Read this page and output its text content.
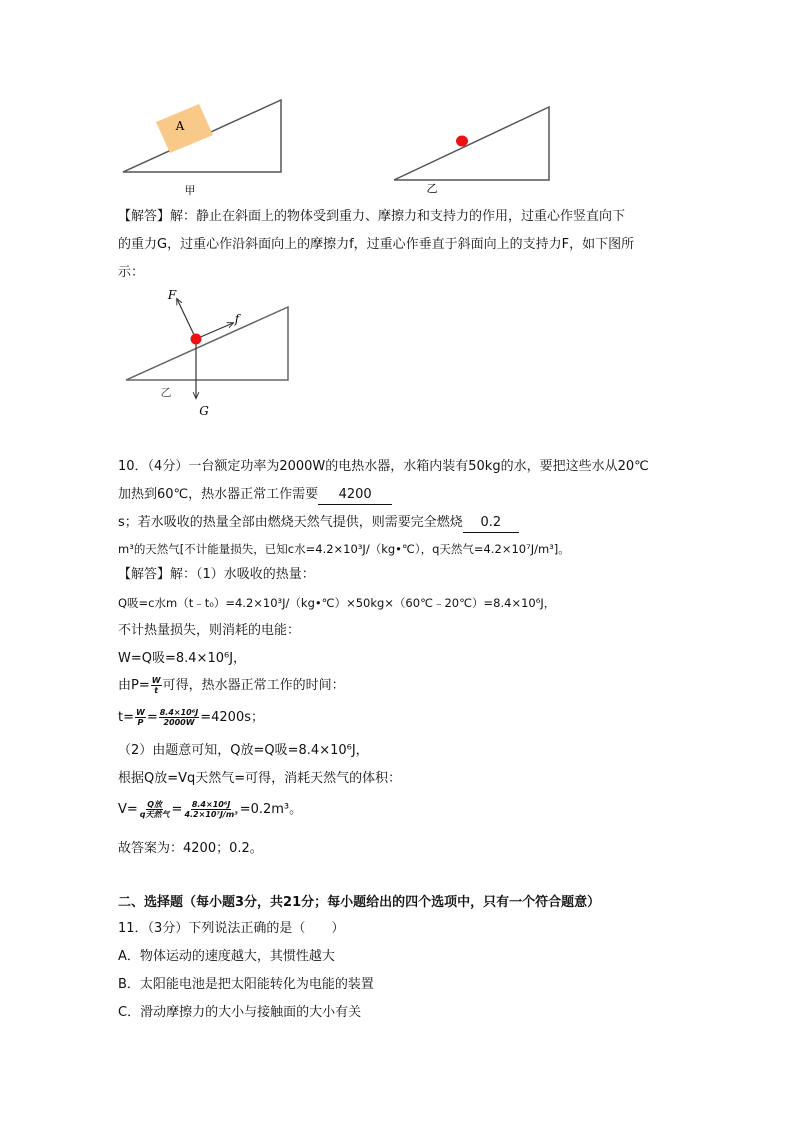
A
甲	乙
【解答】解：静止在斜面上的物体受到重力、摩擦力和支持力的作用，过重心作竖直向下
的重力G，过重心作沿斜面向上的摩擦力f，过重心作垂直于斜面向上的支持力F，如下图所
示：
F
f
G
乙
10．（4分）一台额定功率为2000W的电热水器，水箱内装有50kg的水，要把这些水从20℃
加热到60℃，热水器正常工作需要 4200
s；若水吸收的热量全部由燃烧天然气提供，则需要完全燃烧 0.2
m³的天然气[不计能量损失，已知c水=4.2×10³J/（kg•℃），q天然气=4.2×10⁷J/m³]。
【解答】解：（1）水吸收的热量：
Q吸=c水m（t﹣t₀）=4.2×10³J/（kg•℃）×50kg×（60℃﹣20℃）=8.4×10⁶J，
不计热量损失，则消耗的电能：
W=Q吸=8.4×10⁶J，
由$P= \frac{W}{t}$ 可得，热水器正常工作的时间：
$t= \frac{W}{P} = \frac{\text{8.4×10⁶J}}{2000W} =4200s$；
（2）由题意可知，Q放=Q吸=8.4×10⁶J，
根据Q放=Vq天然气=可得，消耗天然气的体积：
$V= \frac{\text{Q放}}{\text{q天然气}} = \frac{\text{8.4×10⁶J}}{\text{4.2×10⁷J/m³}} =0.2m^3$。
故答案为：4200；0.2。
二、选择题（每小题3分，共21分；每小题给出的四个选项中，只有一个符合题意）
11．（3分）下列说法正确的是（　　）
A．物体运动的速度越大，其惯性越大
B．太阳能电池是把太阳能转化为电能的装置
C．滑动摩擦力的大小与接触面的大小有关
